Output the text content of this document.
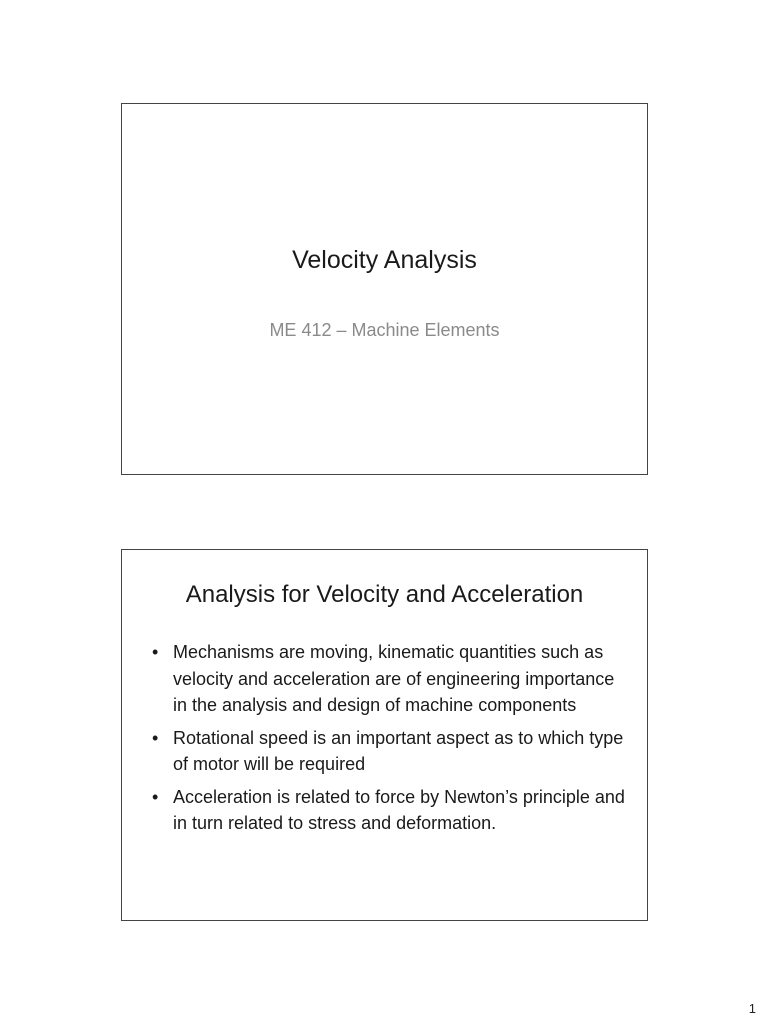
Velocity Analysis
ME 412 – Machine Elements
Analysis for Velocity and Acceleration
• Mechanisms are moving, kinematic quantities such as velocity and acceleration are of engineering importance in the analysis and design of machine components
• Rotational speed is an important aspect as to which type of motor will be required
• Acceleration is related to force by Newton’s principle and in turn related to stress and deformation.
1
